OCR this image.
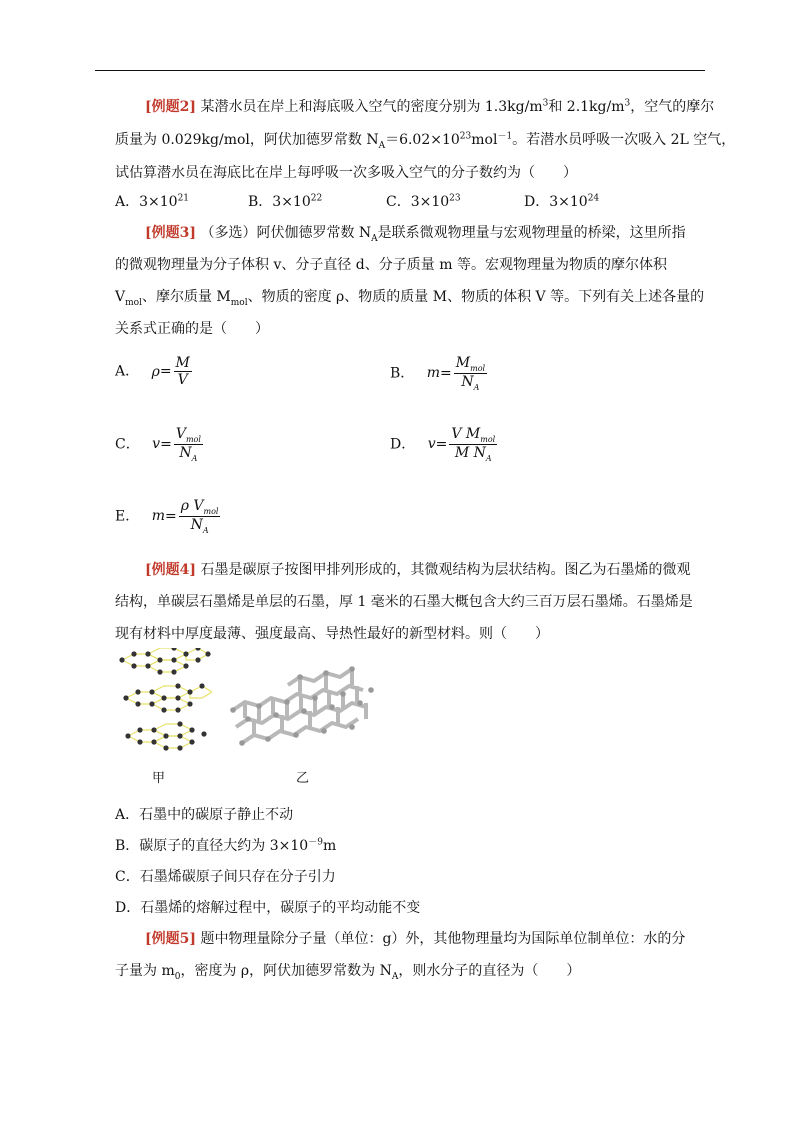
[例题2] 某潜水员在岸上和海底吸入空气的密度分别为 $1.3kg/m^3$和 $2.1kg/m^3$，空气的摩尔
质量为 0.029kg/mol，阿伏加德罗常数 $N_A=6.02\times 10^{23}mol^{-1}$。若潜水员呼吸一次吸入 2L 空气，
试估算潜水员在海底比在岸上每呼吸一次多吸入空气的分子数约为（　　）
A．$3\times 10^{21}$	B．$3\times 10^{22}$	C．$3\times 10^{23}$	D．$3\times 10^{24}$
[例题3] （多选）阿伏伽德罗常数 $N_A$是联系微观物理量与宏观物理量的桥梁，这里所指
的微观物理量为分子体积 v、分子直径 d、分子质量 m 等。宏观物理量为物质的摩尔体积
$V_{mol}$、摩尔质量 $M_{mol}$、物质的密度 ρ、物质的质量 M、物质的体积 V 等。下列有关上述各量的
关系式正确的是（　　）
A． $\rho= \frac{M}{V}$	B． $m= \frac{M_{mol}}{N_A}$
C． $v= \frac{V_{mol}}{N_A}$	D． $v= \frac{V M_{mol}}{M N_A}$
E． $m= \frac{\rho V_{mol}}{N_A}$
[例题4] 石墨是碳原子按图甲排列形成的，其微观结构为层状结构。图乙为石墨烯的微观
结构，单碳层石墨烯是单层的石墨，厚 1 毫米的石墨大概包含大约三百万层石墨烯。石墨烯是
现有材料中厚度最薄、强度最高、导热性最好的新型材料。则（　　）
甲	乙
A．石墨中的碳原子静止不动
B．碳原子的直径大约为 $3\times 10^{-9}m$
C．石墨烯碳原子间只存在分子引力
D．石墨烯的熔解过程中，碳原子的平均动能不变
[例题5] 题中物理量除分子量（单位：g）外，其他物理量均为国际单位制单位：水的分
子量为 $m_0$，密度为 ρ，阿伏加德罗常数为 $N_A$，则水分子的直径为（　　）
